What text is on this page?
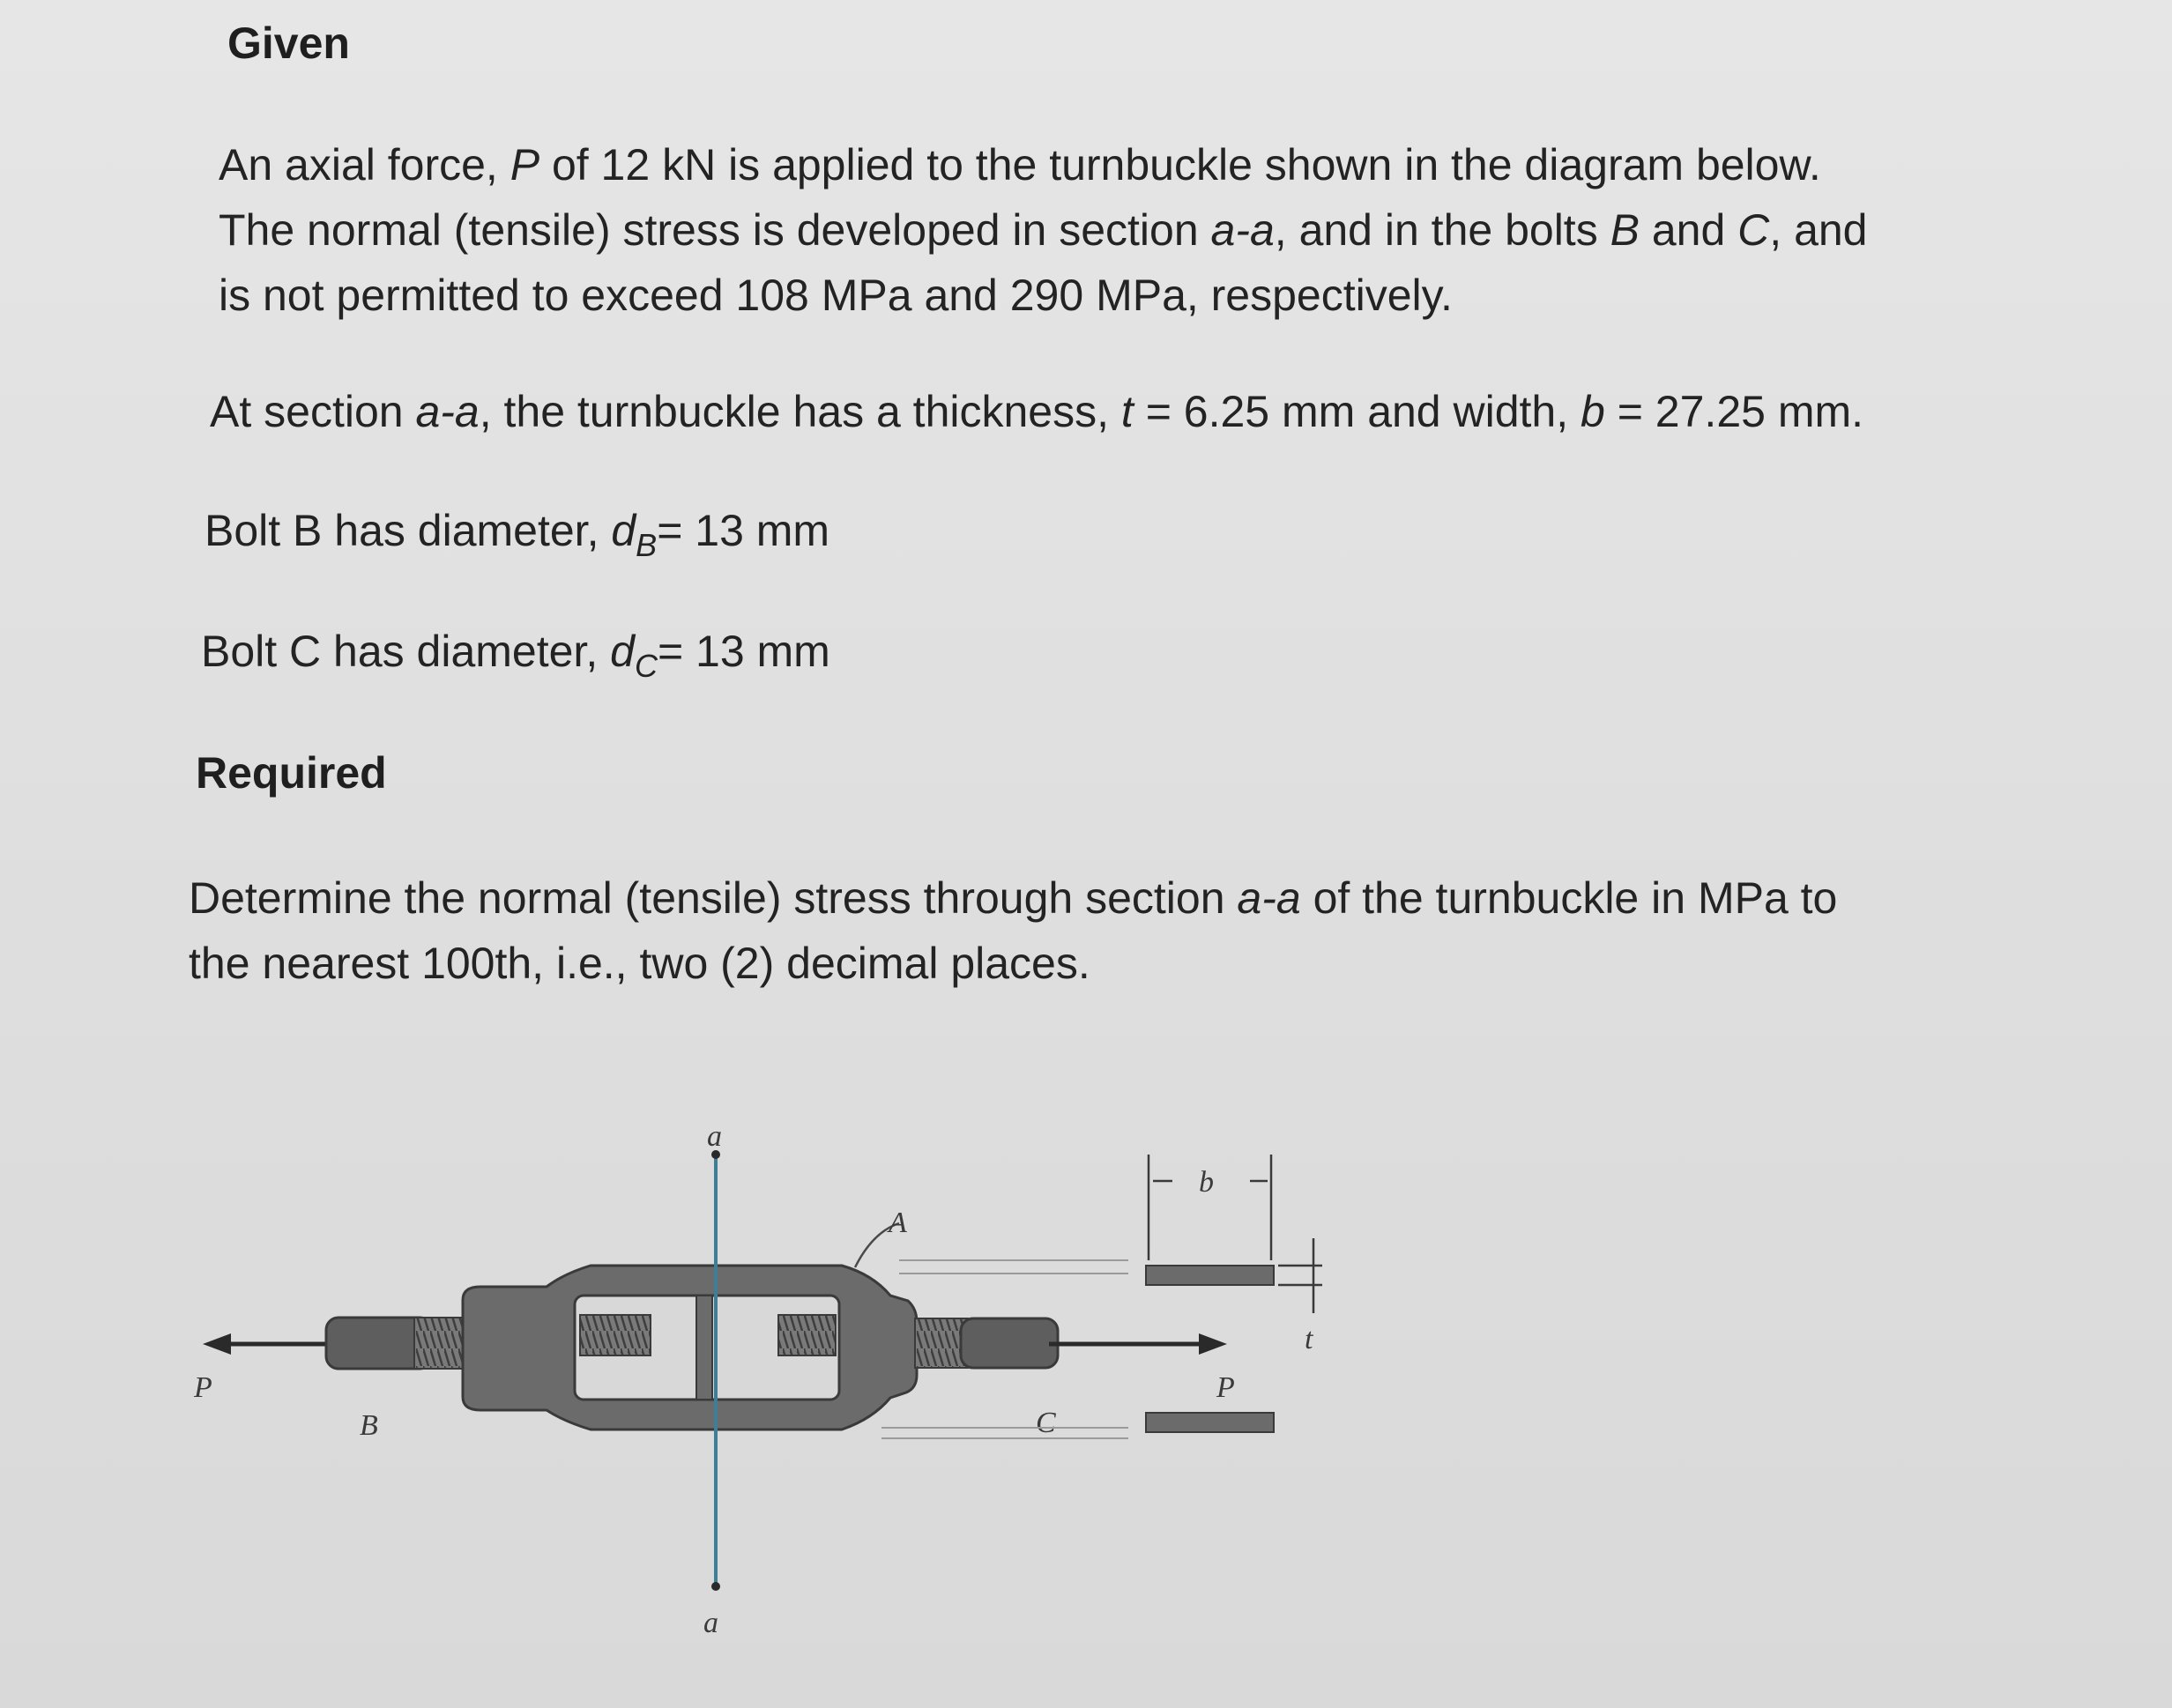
Given

An axial force, P of 12 kN is applied to the turnbuckle shown in the diagram below.
The normal (tensile) stress is developed in section a-a, and in the bolts B and C, and
is not permitted to exceed 108 MPa and 290 MPa, respectively.

At section a-a, the turnbuckle has a thickness, t = 6.25 mm and width, b = 27.25 mm.

Bolt B has diameter, $d_B= 13$ mm

Bolt C has diameter, $d_C= 13$ mm

Required

Determine the normal (tensile) stress through section a-a of the turnbuckle in MPa to
the nearest 100th, i.e., two (2) decimal places.

P
B	C
P
a
a
A
b
t
